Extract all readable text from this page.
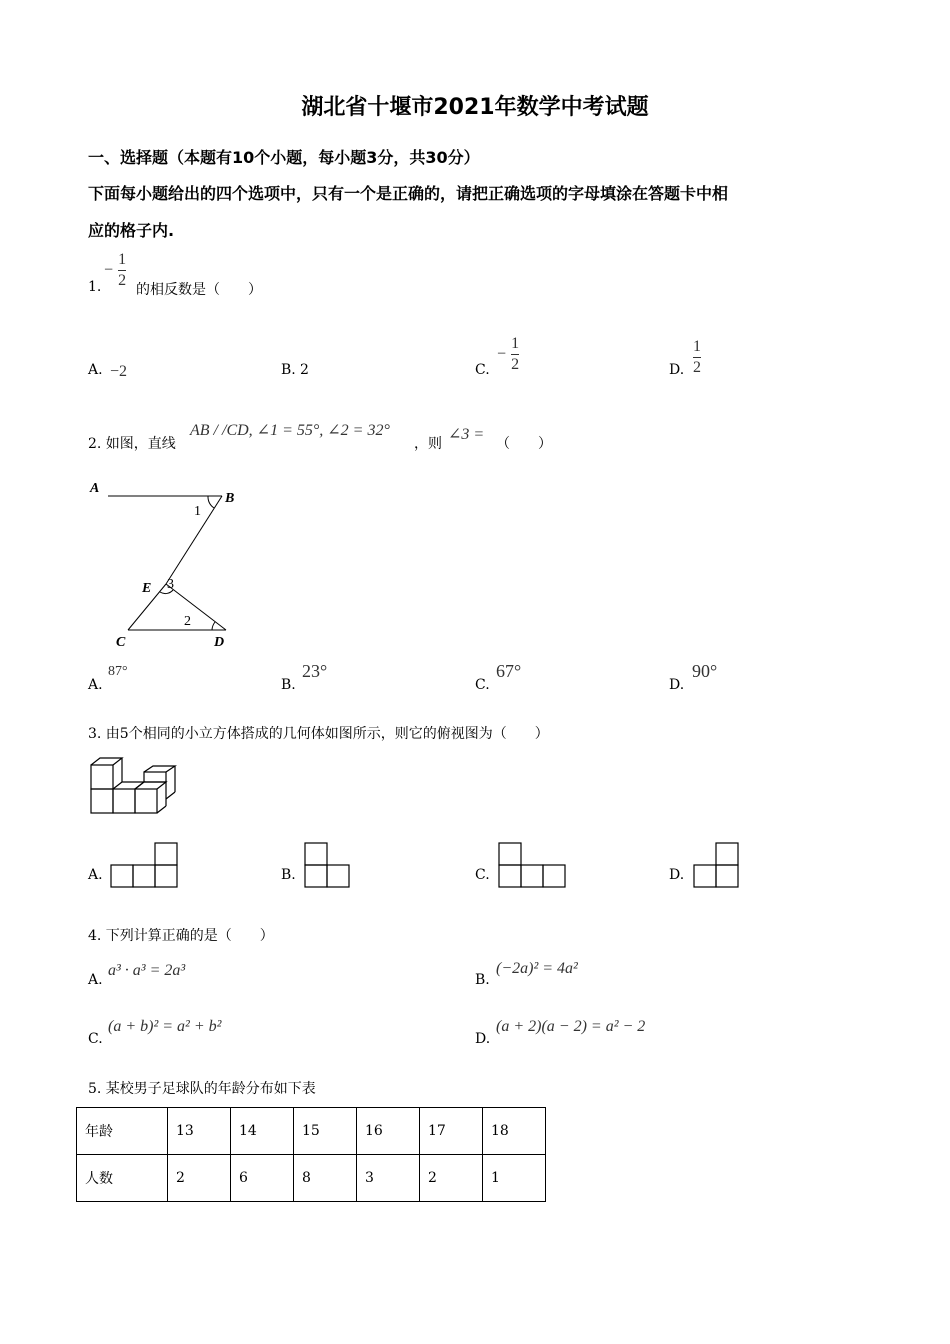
湖北省十堰市2021年数学中考试题
一、选择题（本题有10个小题，每小题3分，共30分）
下面每小题给出的四个选项中，只有一个是正确的，请把正确选项的字母填涂在答题卡中相
应的格子内.
1.
− $\frac{1}{2}$
的相反数是（　　）
A. −2	B. 2	C.
− $\frac{1}{2}$	D. $\frac{1}{2}$
2. 如图，直线
AB / /CD, ∠1 = 55°, ∠2 = 32°
，则
∠3 =
（　　）
A
B
1
E 3
2
C	D
A.
87°
B.
23°
C.
67°
D.
90°
3. 由5个相同的小立方体搭成的几何体如图所示，则它的俯视图为（　　）
A.	B.	C.	D.
4. 下列计算正确的是（　　）
A.
a³ · a³ = 2a³
B.
(−2a)² = 4a²
C.
(a + b)² = a² + b²
D.
(a + 2)(a − 2) = a² − 2
5. 某校男子足球队的年龄分布如下表
年龄	13	14	15	16	17	18
人数	2	6	8	3	2	1
